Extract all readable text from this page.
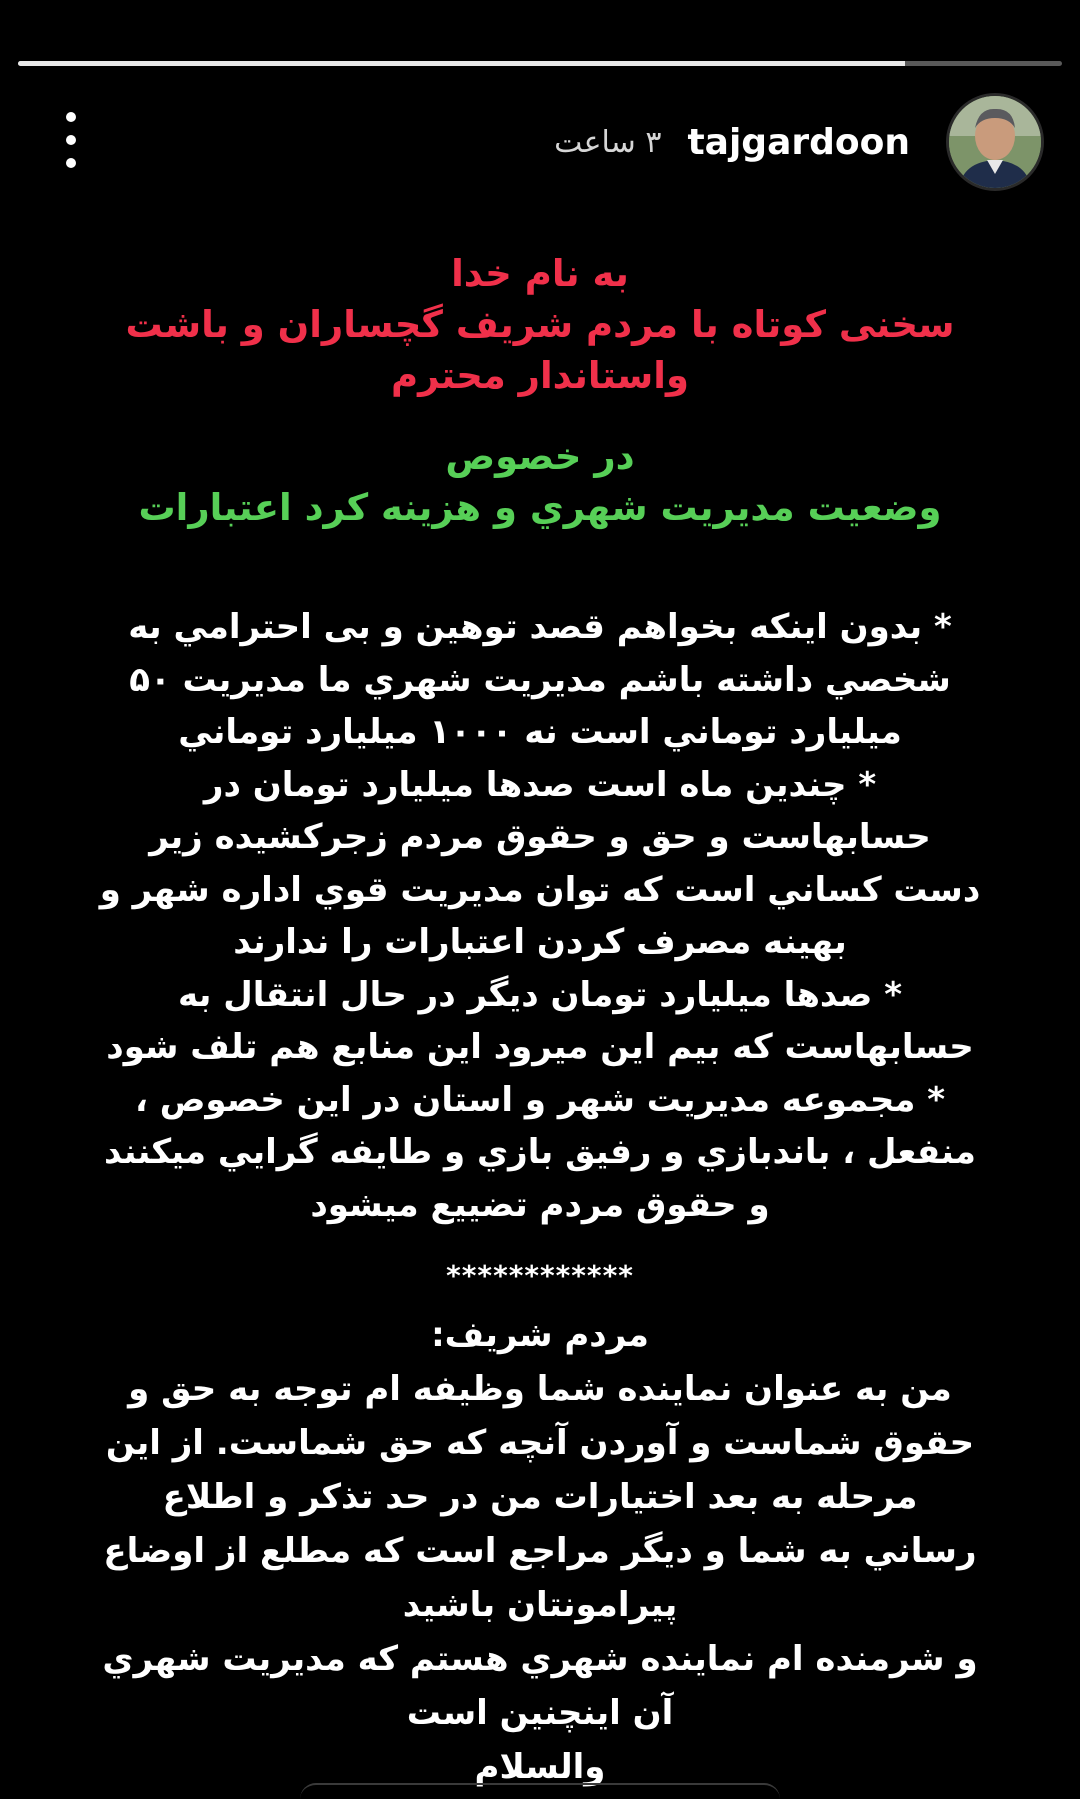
۳ ساعت tajgardoon
به نام خدا
سخنی کوتاه با مردم شریف گچساران و باشت
واستاندار محترم
در خصوص
وضعیت مدیریت شهري و هزینه کرد اعتبارات
* بدون اینکه بخواهم قصد توهین و بی احترامي به
شخصي داشته باشم مدیریت شهري ما مدیریت ۵۰
میلیارد توماني است نه ۱۰۰۰ میلیارد توماني
* چندین ماه است صدها میلیارد تومان در
حسابهاست و حق و حقوق مردم زجرکشیده زیر
دست کساني است که توان مدیریت قوي اداره شهر و
بهینه مصرف کردن اعتبارات را ندارند
* صدها میلیارد تومان دیگر در حال انتقال به
حسابهاست که بیم این میرود این منابع هم تلف شود
* مجموعه مدیریت شهر و استان در این خصوص ،
منفعل ، باندبازي و رفیق بازي و طایفه گرایي میکنند
و حقوق مردم تضییع میشود
************
مردم شریف:
من به عنوان نماینده شما وظیفه ام توجه به حق و
حقوق شماست و آوردن آنچه که حق شماست. از این
مرحله به بعد اختیارات من در حد تذکر و اطلاع
رساني به شما و دیگر مراجع است که مطلع از اوضاع
پیرامونتان باشید
و شرمنده ام نماینده شهري هستم که مدیریت شهري
آن اینچنین است
والسلام
